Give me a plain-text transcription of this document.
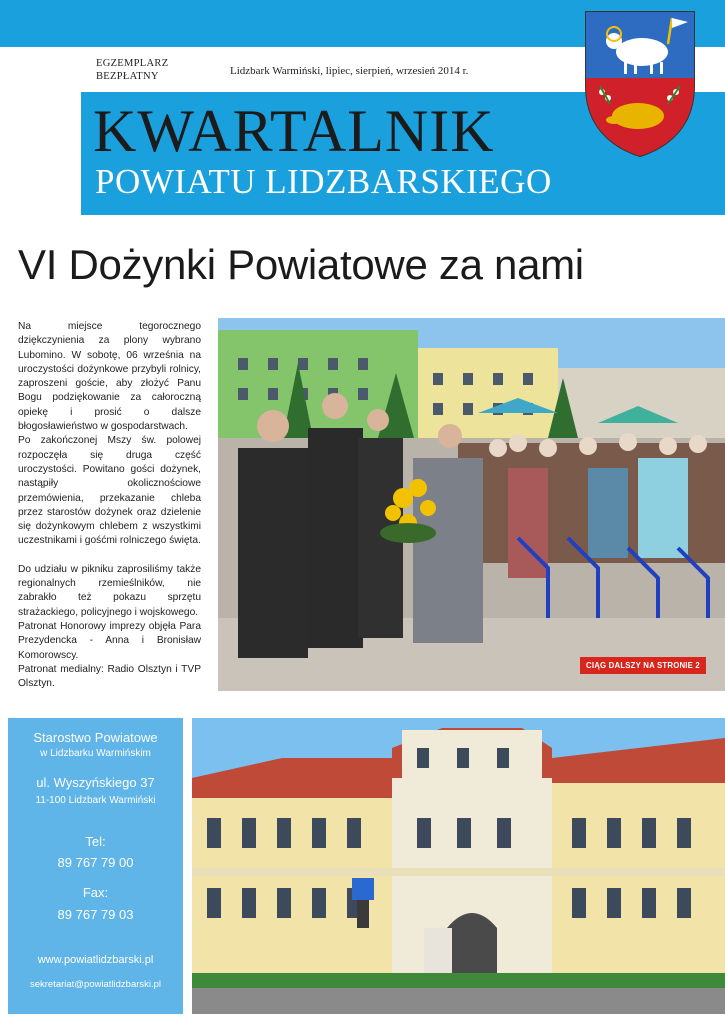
EGZEMPLARZ
BEZPŁATNY	Lidzbark Warmiński, lipiec, sierpień, wrzesień 2014 r.
KWARTALNIK
POWIATU LIDZBARSKIEGO
VI Dożynki Powiatowe za nami

Na miejsce tegorocznego dziękczynienia za plony wybrano Lubomino. W sobotę, 06 września na uroczystości dożynkowe przybyli rolnicy, zaproszeni goście, aby złożyć Panu Bogu podziękowanie za całoroczną opiekę i prosić o dalsze błogosławieństwo w gospodarstwach.

Po zakończonej Mszy św. polowej rozpoczęła się druga część uroczystości. Powitano gości dożynek, nastąpiły okolicznościowe przemówienia, przekazanie chleba przez starostów dożynek oraz dzielenie się dożynkowym chlebem z wszystkimi uczestnikami i gośćmi rolniczego święta.

Do udziału w pikniku zaprosiliśmy także regionalnych rzemieślników, nie zabrakło też pokazu sprzętu strażackiego, policyjnego i wojskowego.

Patronat Honorowy imprezy objęła Para Prezydencka - Anna i Bronisław Komorowscy.

Patronat medialny: Radio Olsztyn i TVP Olsztyn.

CIĄG DALSZY NA STRONIE 2
Starostwo Powiatowe
w Lidzbarku Warmińskim
ul. Wyszyńskiego 37
11-100 Lidzbark Warmiński
Tel:
89 767 79 00
Fax:
89 767 79 03
www.powiatlidzbarski.pl
sekretariat@powiatlidzbarski.pl
